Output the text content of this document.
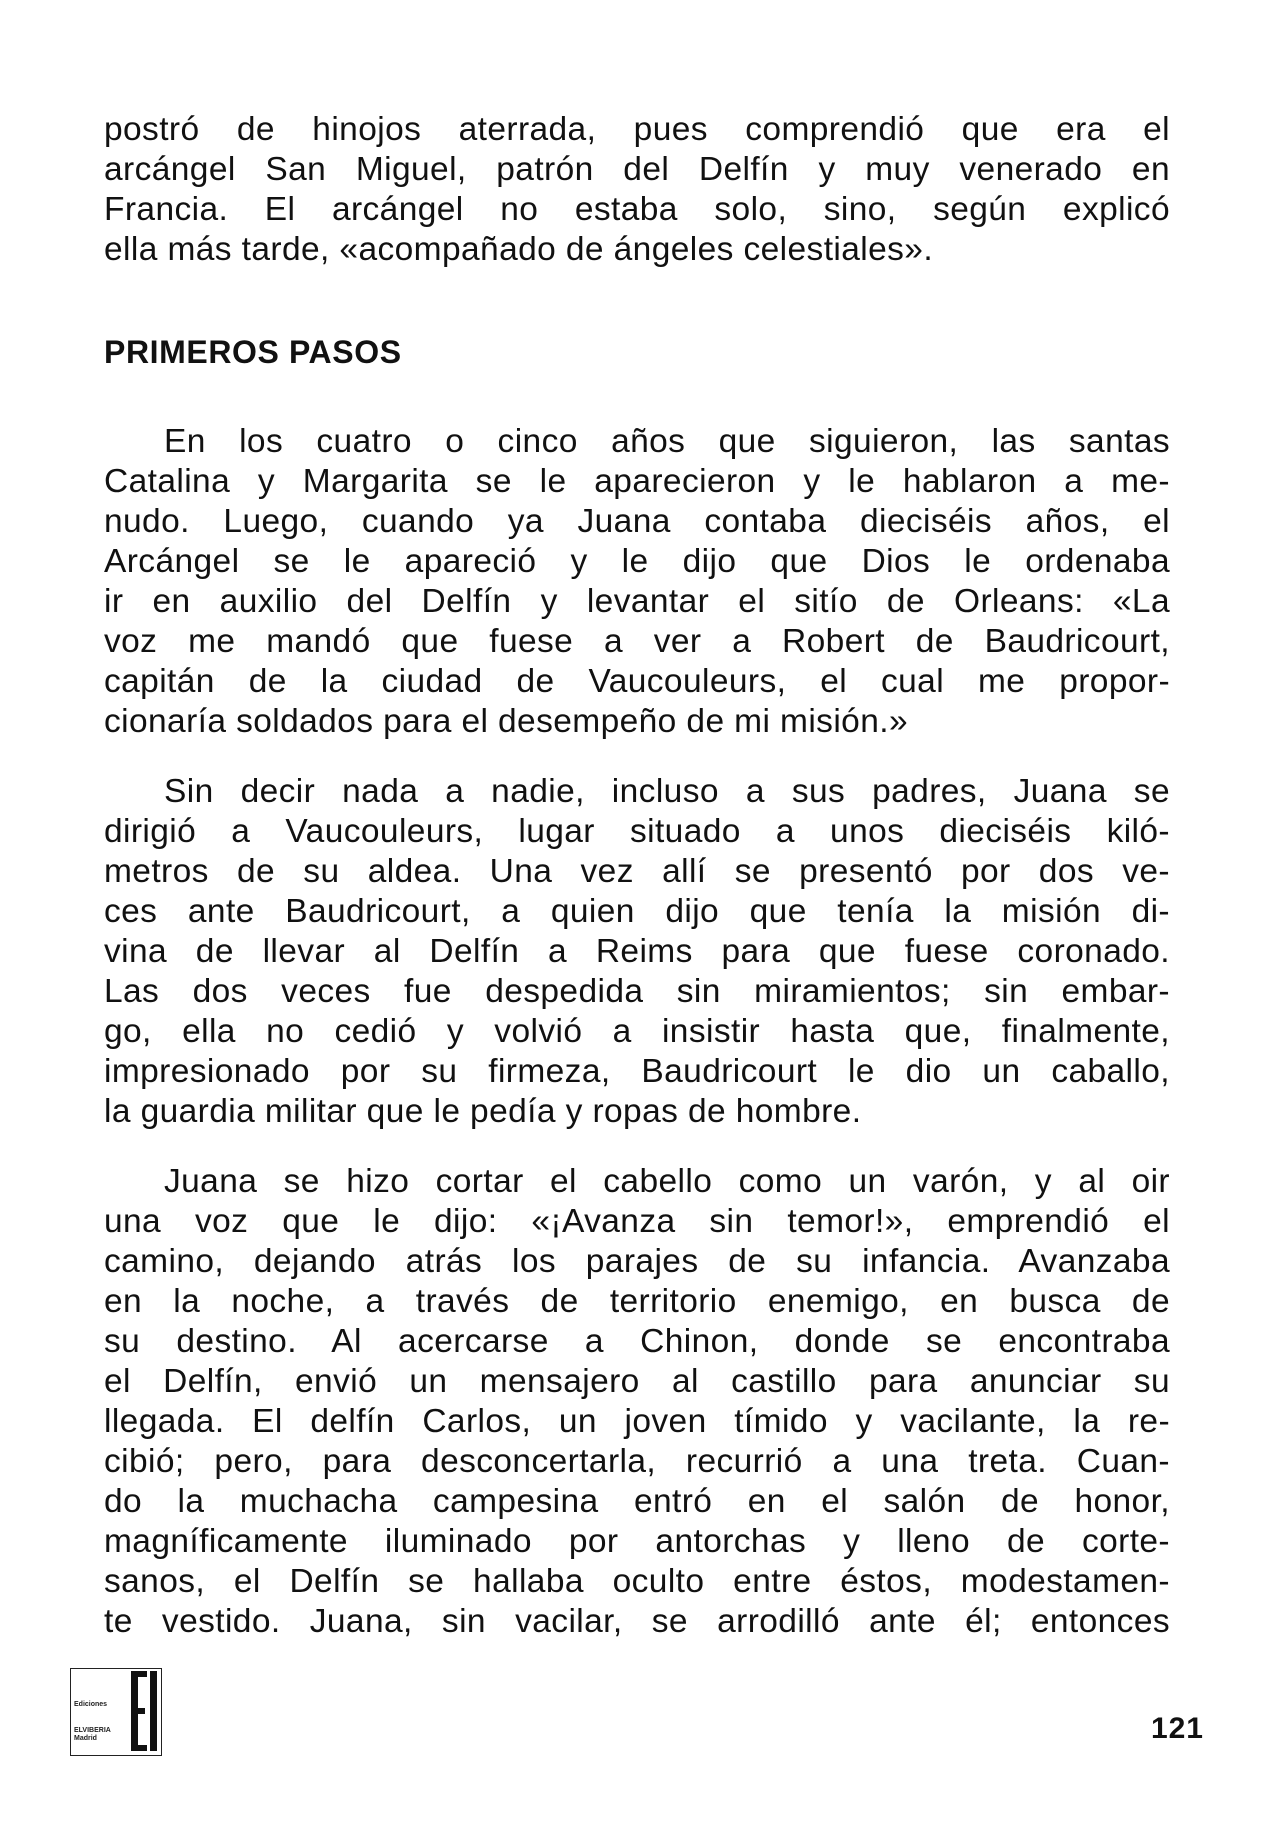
postró de hinojos aterrada, pues comprendió que era el
arcángel San Miguel, patrón del Delfín y muy venerado en
Francia. El arcángel no estaba solo, sino, según explicó
ella más tarde, «acompañado de ángeles celestiales».

PRIMEROS PASOS

En los cuatro o cinco años que siguieron, las santas
Catalina y Margarita se le aparecieron y le hablaron a me-
nudo. Luego, cuando ya Juana contaba dieciséis años, el
Arcángel se le apareció y le dijo que Dios le ordenaba
ir en auxilio del Delfín y levantar el sitío de Orleans: «La
voz me mandó que fuese a ver a Robert de Baudricourt,
capitán de la ciudad de Vaucouleurs, el cual me propor-
cionaría soldados para el desempeño de mi misión.»

Sin decir nada a nadie, incluso a sus padres, Juana se
dirigió a Vaucouleurs, lugar situado a unos dieciséis kiló-
metros de su aldea. Una vez allí se presentó por dos ve-
ces ante Baudricourt, a quien dijo que tenía la misión di-
vina de llevar al Delfín a Reims para que fuese coronado.
Las dos veces fue despedida sin miramientos; sin embar-
go, ella no cedió y volvió a insistir hasta que, finalmente,
impresionado por su firmeza, Baudricourt le dio un caballo,
la guardia militar que le pedía y ropas de hombre.

Juana se hizo cortar el cabello como un varón, y al oir
una voz que le dijo: «¡Avanza sin temor!», emprendió el
camino, dejando atrás los parajes de su infancia. Avanzaba
en la noche, a través de territorio enemigo, en busca de
su destino. Al acercarse a Chinon, donde se encontraba
el Delfín, envió un mensajero al castillo para anunciar su
llegada. El delfín Carlos, un joven tímido y vacilante, la re-
cibió; pero, para desconcertarla, recurrió a una treta. Cuan-
do la muchacha campesina entró en el salón de honor,
magníficamente iluminado por antorchas y lleno de corte-
sanos, el Delfín se hallaba oculto entre éstos, modestamen-
te vestido. Juana, sin vacilar, se arrodilló ante él; entonces

Ediciones
ELVIBERIA
Madrid	121
